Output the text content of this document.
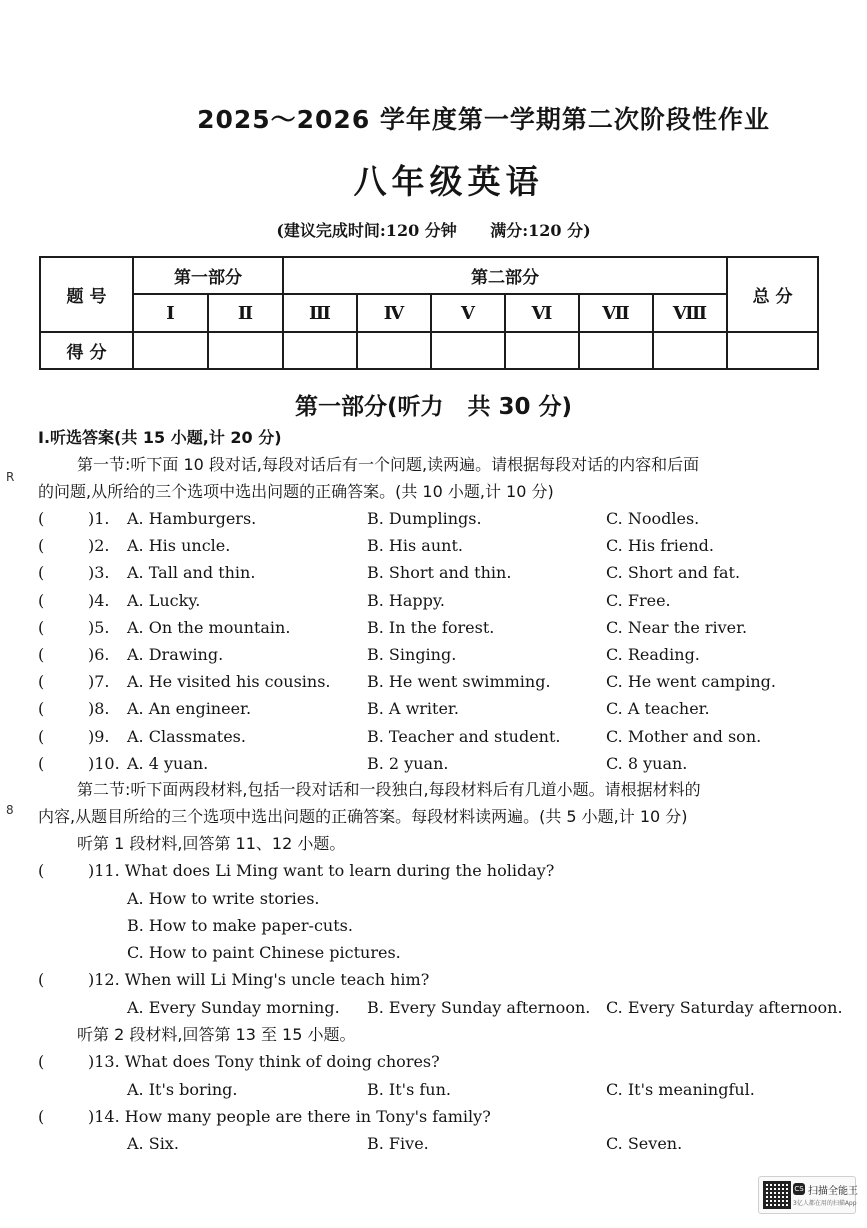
2025～2026 学年度第一学期第二次阶段性作业
八年级英语
(建议完成时间:120 分钟      满分:120 分)
题 号	第一部分		第二部分						总 分
	Ⅰ	Ⅱ	Ⅲ	Ⅳ	Ⅴ	Ⅵ	Ⅶ	Ⅷ	
得 分									
第一部分(听力   共 30 分)
Ⅰ.听选答案(共 15 小题,计 20 分)
第一节:听下面 10 段对话,每段对话后有一个问题,读两遍。请根据每段对话的内容和后面
的问题,从所给的三个选项中选出问题的正确答案。(共 10 小题,计 10 分)
(	)1. A. Hamburgers.	B. Dumplings.	C. Noodles.
(	)2. A. His uncle.	B. His aunt.	C. His friend.
(	)3. A. Tall and thin.	B. Short and thin.	C. Short and fat.
(	)4. A. Lucky.	B. Happy.	C. Free.
(	)5. A. On the mountain.	B. In the forest.	C. Near the river.
(	)6. A. Drawing.	B. Singing.	C. Reading.
(	)7. A. He visited his cousins. B. He went swimming.	C. He went camping.
(	)8. A. An engineer.	B. A writer.	C. A teacher.
(	)9. A. Classmates.	B. Teacher and student.	C. Mother and son.
(	)10. A. 4 yuan.	B. 2 yuan.	C. 8 yuan.
第二节:听下面两段材料,包括一段对话和一段独白,每段材料后有几道小题。请根据材料的
内容,从题目所给的三个选项中选出问题的正确答案。每段材料读两遍。(共 5 小题,计 10 分)
听第 1 段材料,回答第 11、12 小题。
(	)11. What does Li Ming want to learn during the holiday?
A. How to write stories.
B. How to make paper-cuts.
C. How to paint Chinese pictures.
(	)12. When will Li Ming's uncle teach him?
A. Every Sunday morning. B. Every Sunday afternoon. C. Every Saturday afternoon.
听第 2 段材料,回答第 13 至 15 小题。
(	)13. What does Tony think of doing chores?
A. It's boring.	B. It's fun.	C. It's meaningful.
(	)14. How many people are there in Tony's family?
A. Six.	B. Five.	C. Seven.
R
8
CS 扫描全能王
3亿人都在用的扫描App
